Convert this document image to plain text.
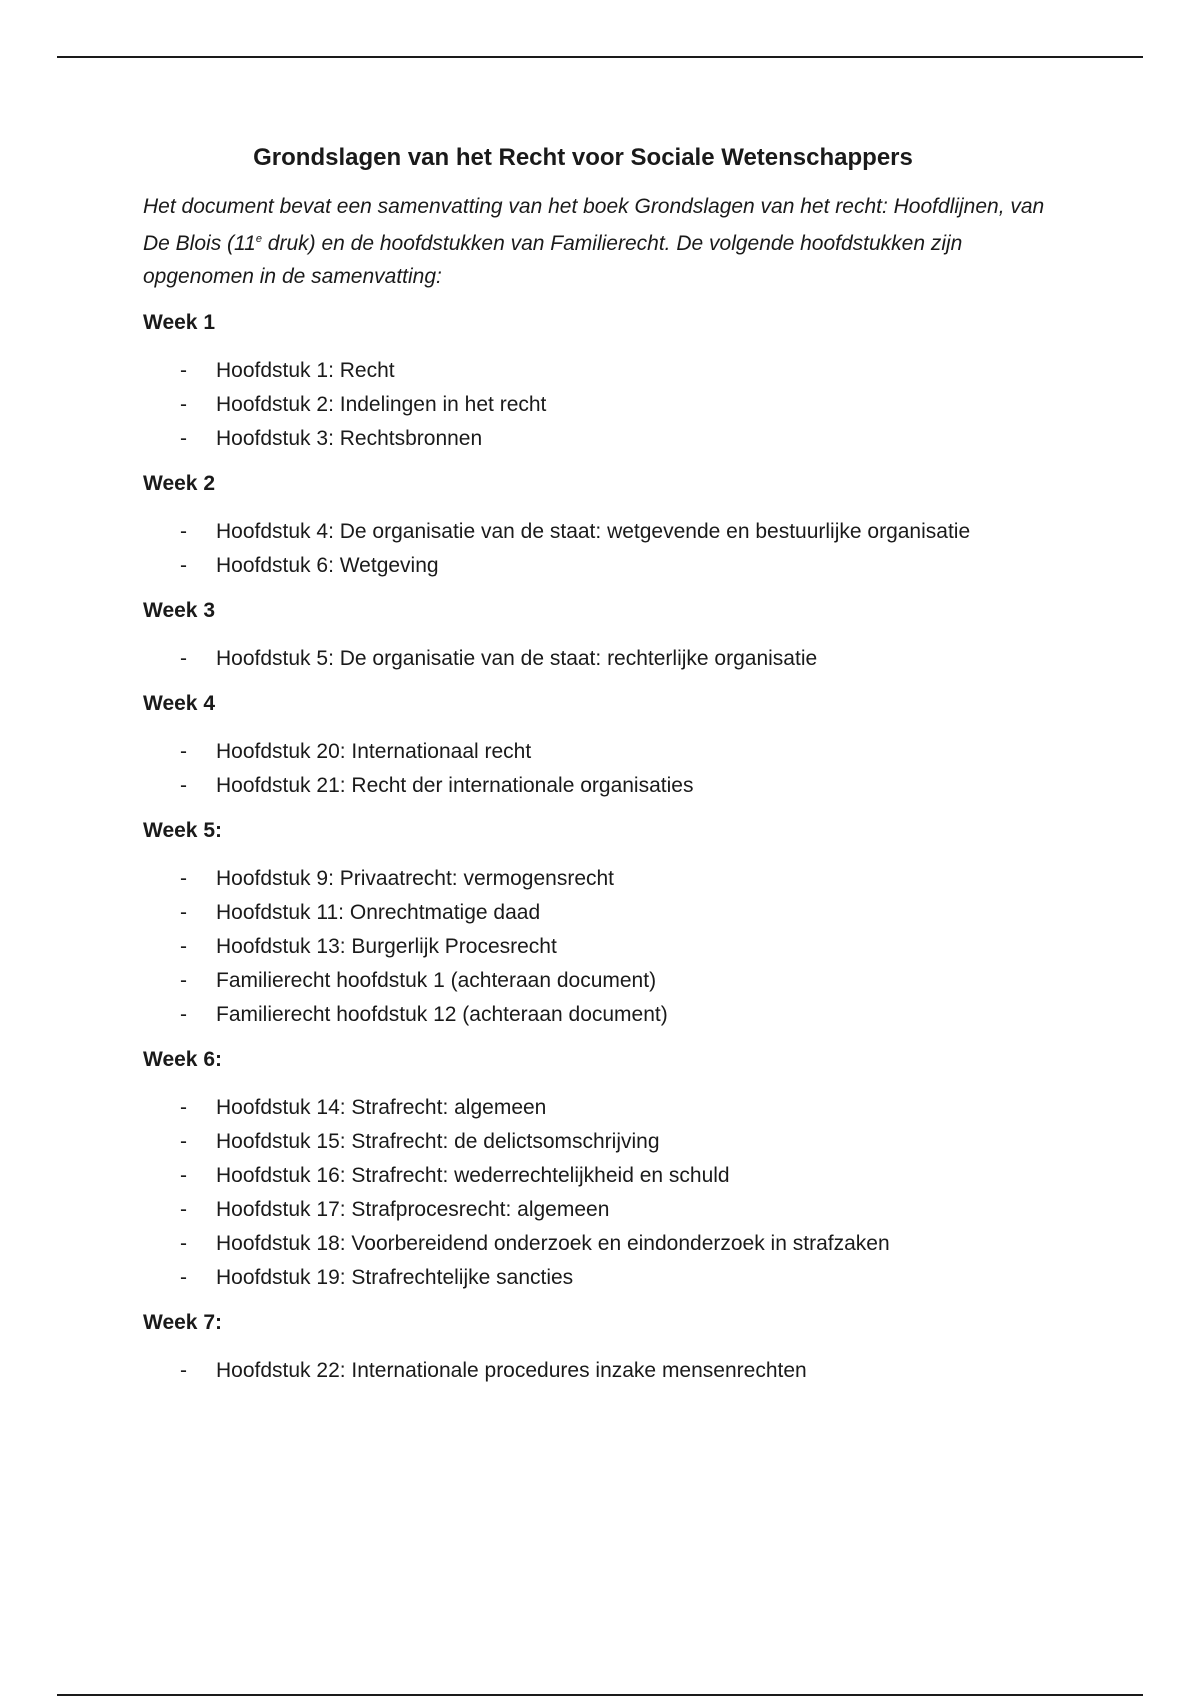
Grondslagen van het Recht voor Sociale Wetenschappers

Het document bevat een samenvatting van het boek Grondslagen van het recht: Hoofdlijnen, van De Blois (11e druk) en de hoofdstukken van Familierecht. De volgende hoofdstukken zijn opgenomen in de samenvatting:

Week 1
- Hoofdstuk 1: Recht
- Hoofdstuk 2: Indelingen in het recht
- Hoofdstuk 3: Rechtsbronnen
Week 2
- Hoofdstuk 4: De organisatie van de staat: wetgevende en bestuurlijke organisatie
- Hoofdstuk 6: Wetgeving
Week 3
- Hoofdstuk 5: De organisatie van de staat: rechterlijke organisatie
Week 4
- Hoofdstuk 20: Internationaal recht
- Hoofdstuk 21: Recht der internationale organisaties
Week 5:
- Hoofdstuk 9: Privaatrecht: vermogensrecht
- Hoofdstuk 11: Onrechtmatige daad
- Hoofdstuk 13: Burgerlijk Procesrecht
- Familierecht hoofdstuk 1 (achteraan document)
- Familierecht hoofdstuk 12 (achteraan document)
Week 6:
- Hoofdstuk 14: Strafrecht: algemeen
- Hoofdstuk 15: Strafrecht: de delictsomschrijving
- Hoofdstuk 16: Strafrecht: wederrechtelijkheid en schuld
- Hoofdstuk 17: Strafprocesrecht: algemeen
- Hoofdstuk 18: Voorbereidend onderzoek en eindonderzoek in strafzaken
- Hoofdstuk 19: Strafrechtelijke sancties
Week 7:
- Hoofdstuk 22: Internationale procedures inzake mensenrechten
